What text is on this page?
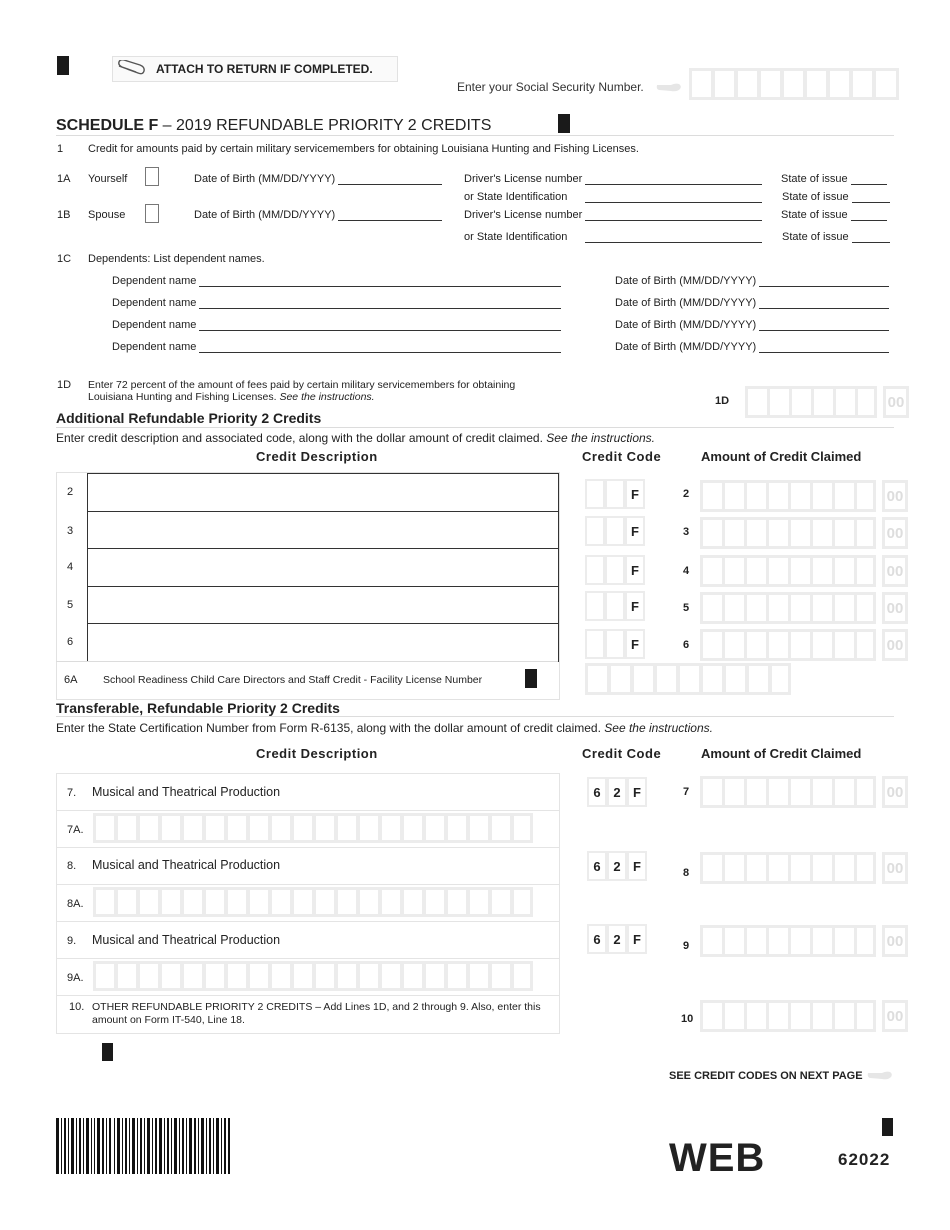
ATTACH TO RETURN IF COMPLETED.
Enter your Social Security Number.
SCHEDULE F – 2019 REFUNDABLE PRIORITY 2 CREDITS
1 Credit for amounts paid by certain military servicemembers for obtaining Louisiana Hunting and Fishing Licenses.
1A Yourself	Date of Birth (MM/DD/YYYY)	Driver's License number	State of issue
or State Identification	State of issue
1B Spouse	Date of Birth (MM/DD/YYYY)	Driver's License number	State of issue
or State Identification	State of issue
1C Dependents: List dependent names.
Dependent name	Date of Birth (MM/DD/YYYY)
Dependent name	Date of Birth (MM/DD/YYYY)
Dependent name	Date of Birth (MM/DD/YYYY)
Dependent name	Date of Birth (MM/DD/YYYY)
1D Enter 72 percent of the amount of fees paid by certain military servicemembers for obtaining
Louisiana Hunting and Fishing Licenses. See the instructions.	1D	00
Additional Refundable Priority 2 Credits
Enter credit description and associated code, along with the dollar amount of credit claimed. See the instructions.
Credit Description	Credit Code	Amount of Credit Claimed
2	F	2	00
3	F	3	00
4	F	4	00
5	F	5	00
6	F	6	00
6A School Readiness Child Care Directors and Staff Credit - Facility License Number
Transferable, Refundable Priority 2 Credits
Enter the State Certification Number from Form R-6135, along with the dollar amount of credit claimed. See the instructions.
Credit Description	Credit Code	Amount of Credit Claimed
7. Musical and Theatrical Production	6 2 F	7	00
7A.
8. Musical and Theatrical Production	6 2 F	8	00
8A.
9. Musical and Theatrical Production	6 2 F	9	00
9A.
10. OTHER REFUNDABLE PRIORITY 2 CREDITS – Add Lines 1D, and 2 through 9. Also, enter this
amount on Form IT-540, Line 18.	10	00
SEE CREDIT CODES ON NEXT PAGE
WEB	62022
